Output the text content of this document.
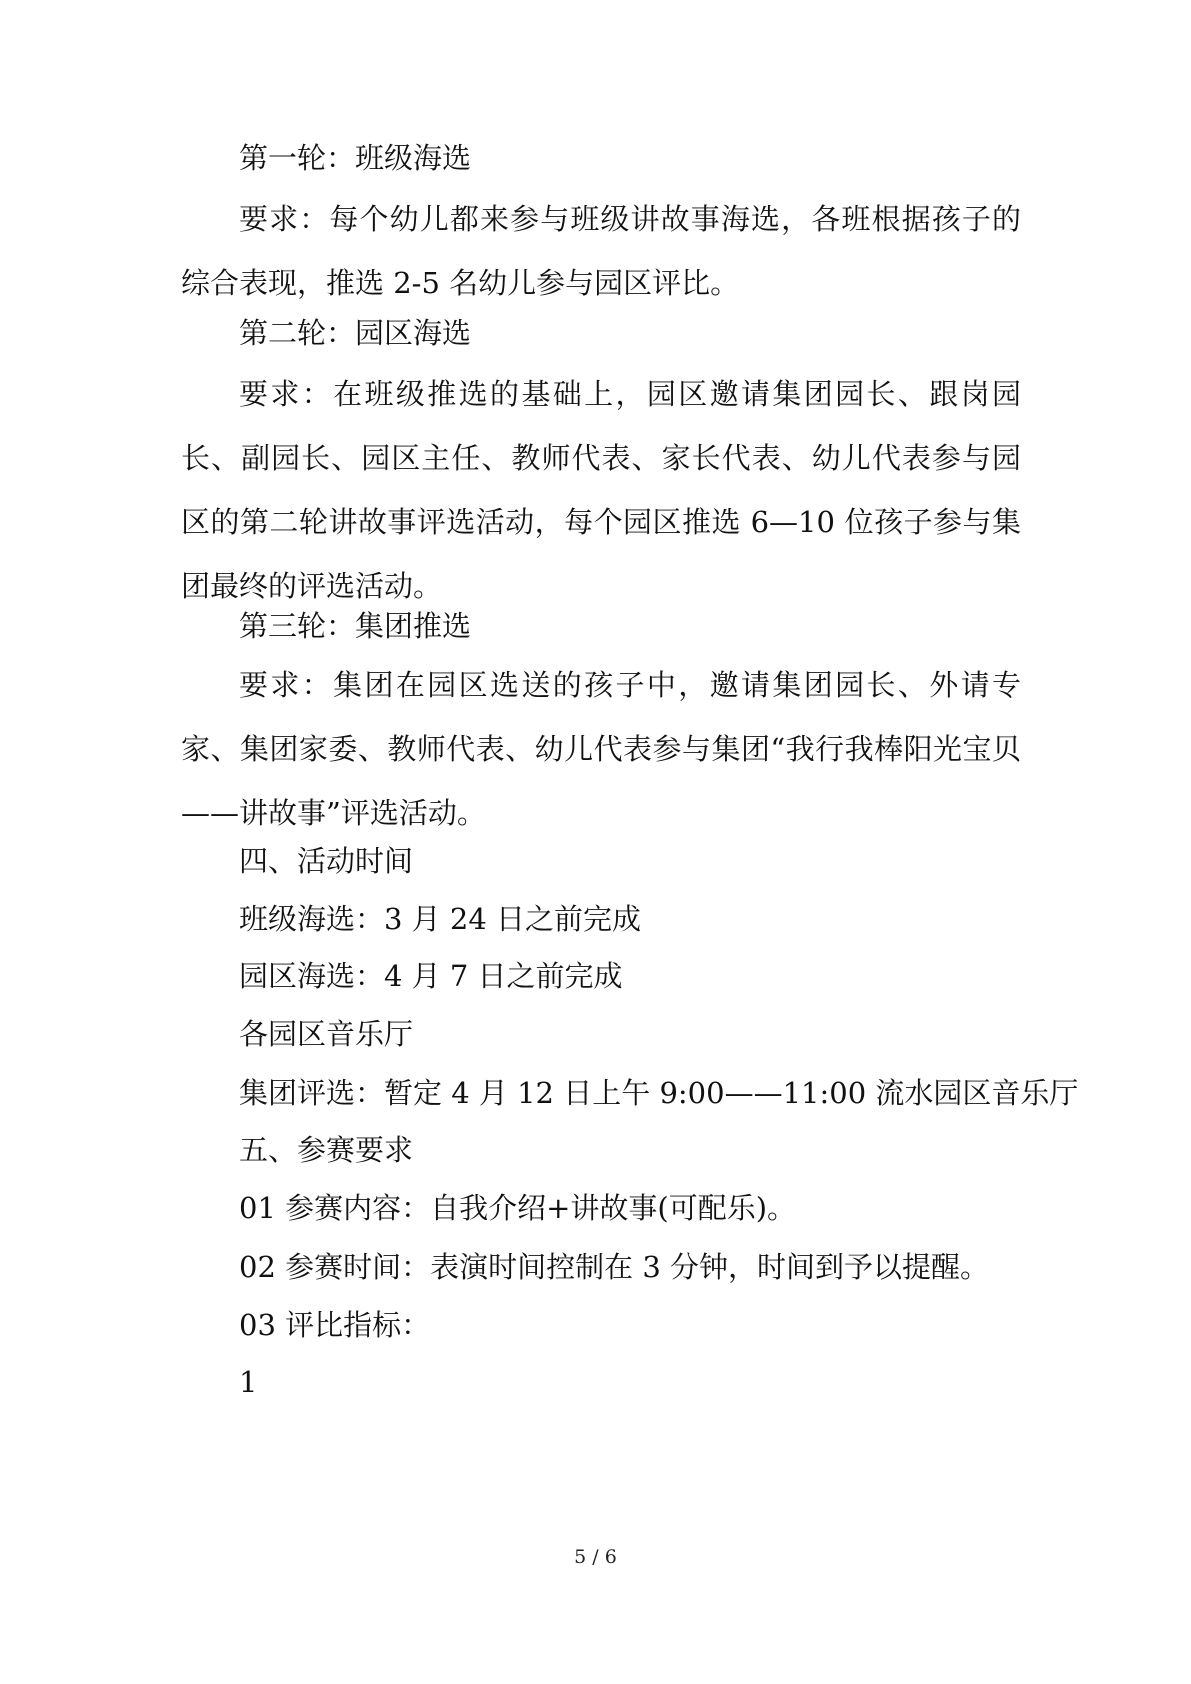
第一轮：班级海选

要求：每个幼儿都来参与班级讲故事海选，各班根据孩子的综合表现，推选 2-5 名幼儿参与园区评比。

第二轮：园区海选

要求：在班级推选的基础上，园区邀请集团园长、跟岗园长、副园长、园区主任、教师代表、家长代表、幼儿代表参与园区的第二轮讲故事评选活动，每个园区推选 6—10 位孩子参与集团最终的评选活动。

第三轮：集团推选

要求：集团在园区选送的孩子中，邀请集团园长、外请专家、集团家委、教师代表、幼儿代表参与集团“我行我棒阳光宝贝——讲故事”评选活动。

四、活动时间

班级海选：3 月 24 日之前完成

园区海选：4 月 7 日之前完成

各园区音乐厅

集团评选：暂定 4 月 12 日上午 9:00——11:00 流水园区音乐厅

五、参赛要求

01 参赛内容：自我介绍+讲故事(可配乐)。

02 参赛时间：表演时间控制在 3 分钟，时间到予以提醒。

03 评比指标：

1

5 / 6
